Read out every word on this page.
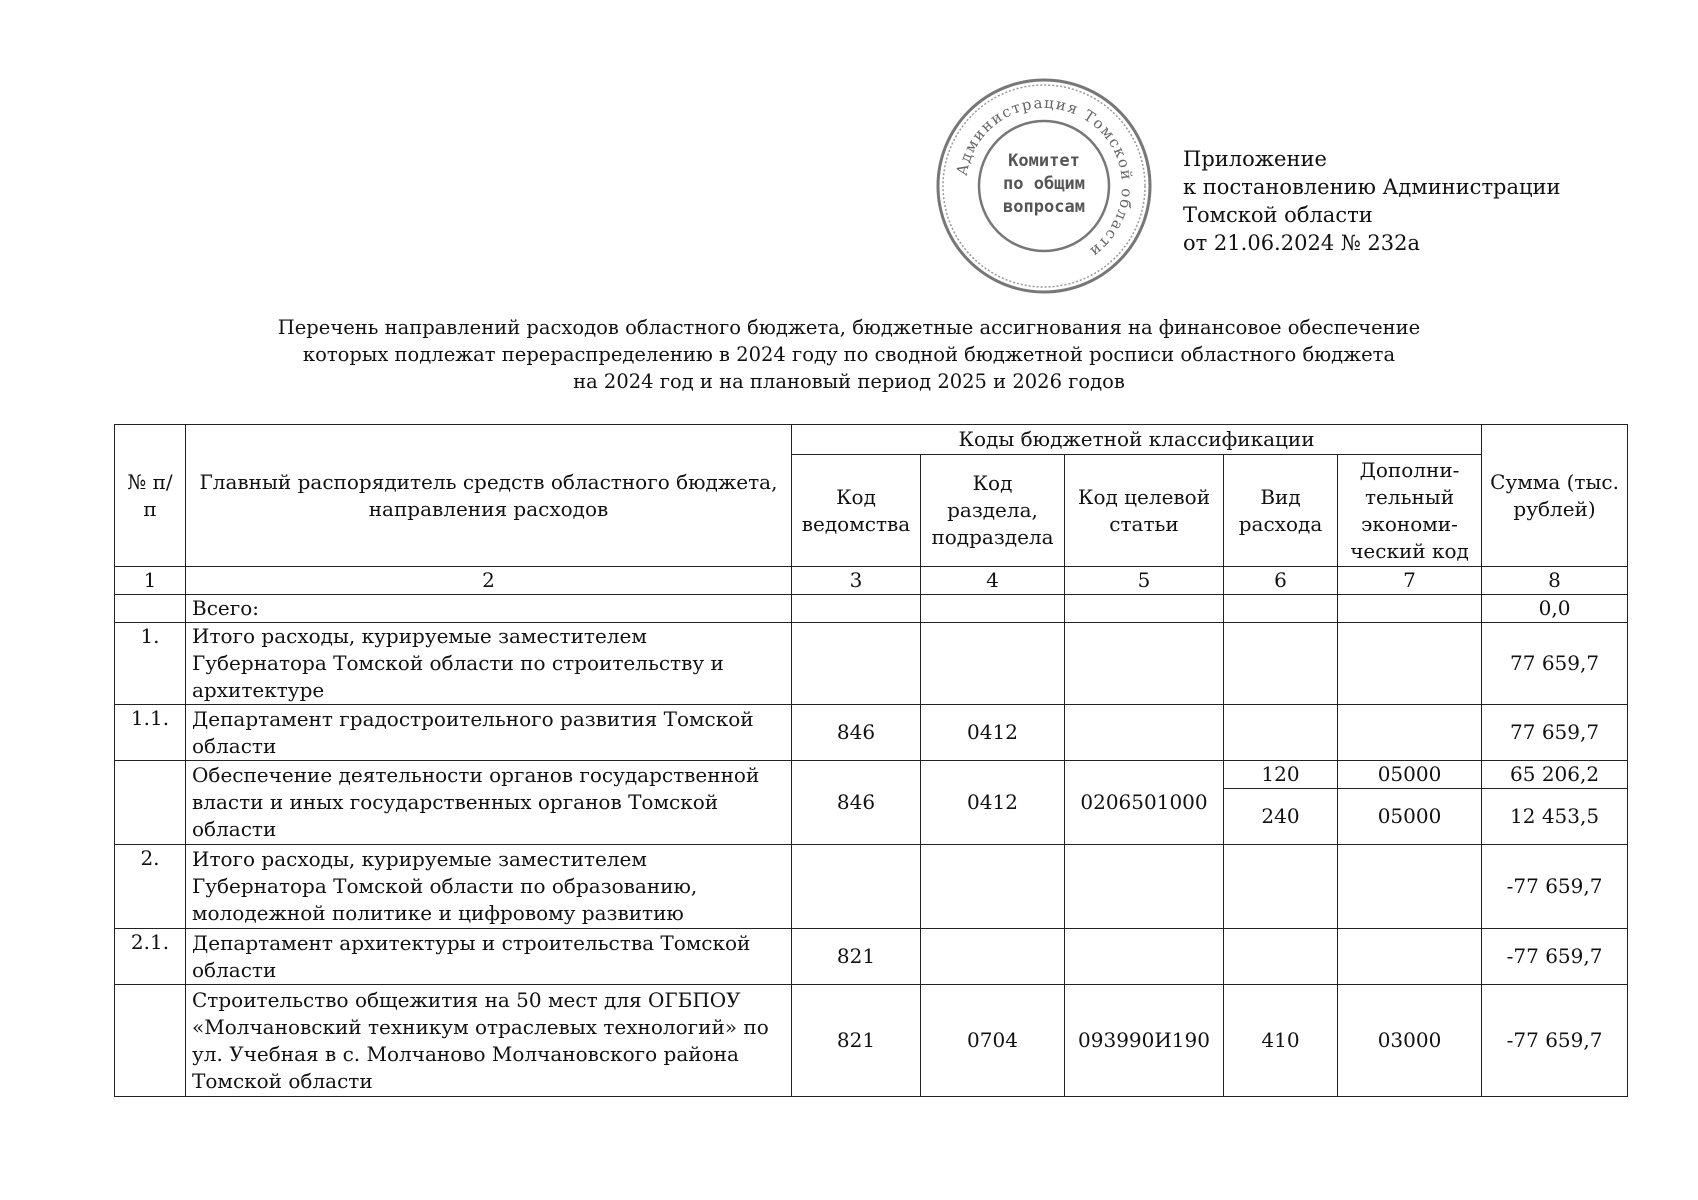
Администрация Томской области
Комитет
по общим
вопросам
Приложение
к постановлению Администрации
Томской области
от 21.06.2024 № 232а
Перечень направлений расходов областного бюджета, бюджетные ассигнования на финансовое обеспечение
которых подлежат перераспределению в 2024 году по сводной бюджетной росписи областного бюджета
на 2024 год и на плановый период 2025 и 2026 годов
№ п/п	Главный распорядитель средств областного бюджета, направления расходов	Коды бюджетной классификации					Сумма (тыс. рублей)
		Код ведомства	Код раздела, подраздела	Код целевой статьи	Вид расхода	Дополни-тельный экономи-ческий код	
1	2	3	4	5	6	7	8
	Всего:						0,0
1.	Итого расходы, курируемые заместителем Губернатора Томской области по строительству и архитектуре						77 659,7
1.1.	Департамент градостроительного развития Томской области	846	0412				77 659,7
	Обеспечение деятельности органов государственной власти и иных государственных органов Томской области	846	0412	0206501000	120	05000	65 206,2
					240	05000	12 453,5
2.	Итого расходы, курируемые заместителем Губернатора Томской области по образованию, молодежной политике и цифровому развитию						-77 659,7
2.1.	Департамент архитектуры и строительства Томской области	821					-77 659,7
	Строительство общежития на 50 мест для ОГБПОУ «Молчановский техникум отраслевых технологий» по ул. Учебная в с. Молчаново Молчановского района Томской области	821	0704	093990И190	410	03000	-77 659,7
